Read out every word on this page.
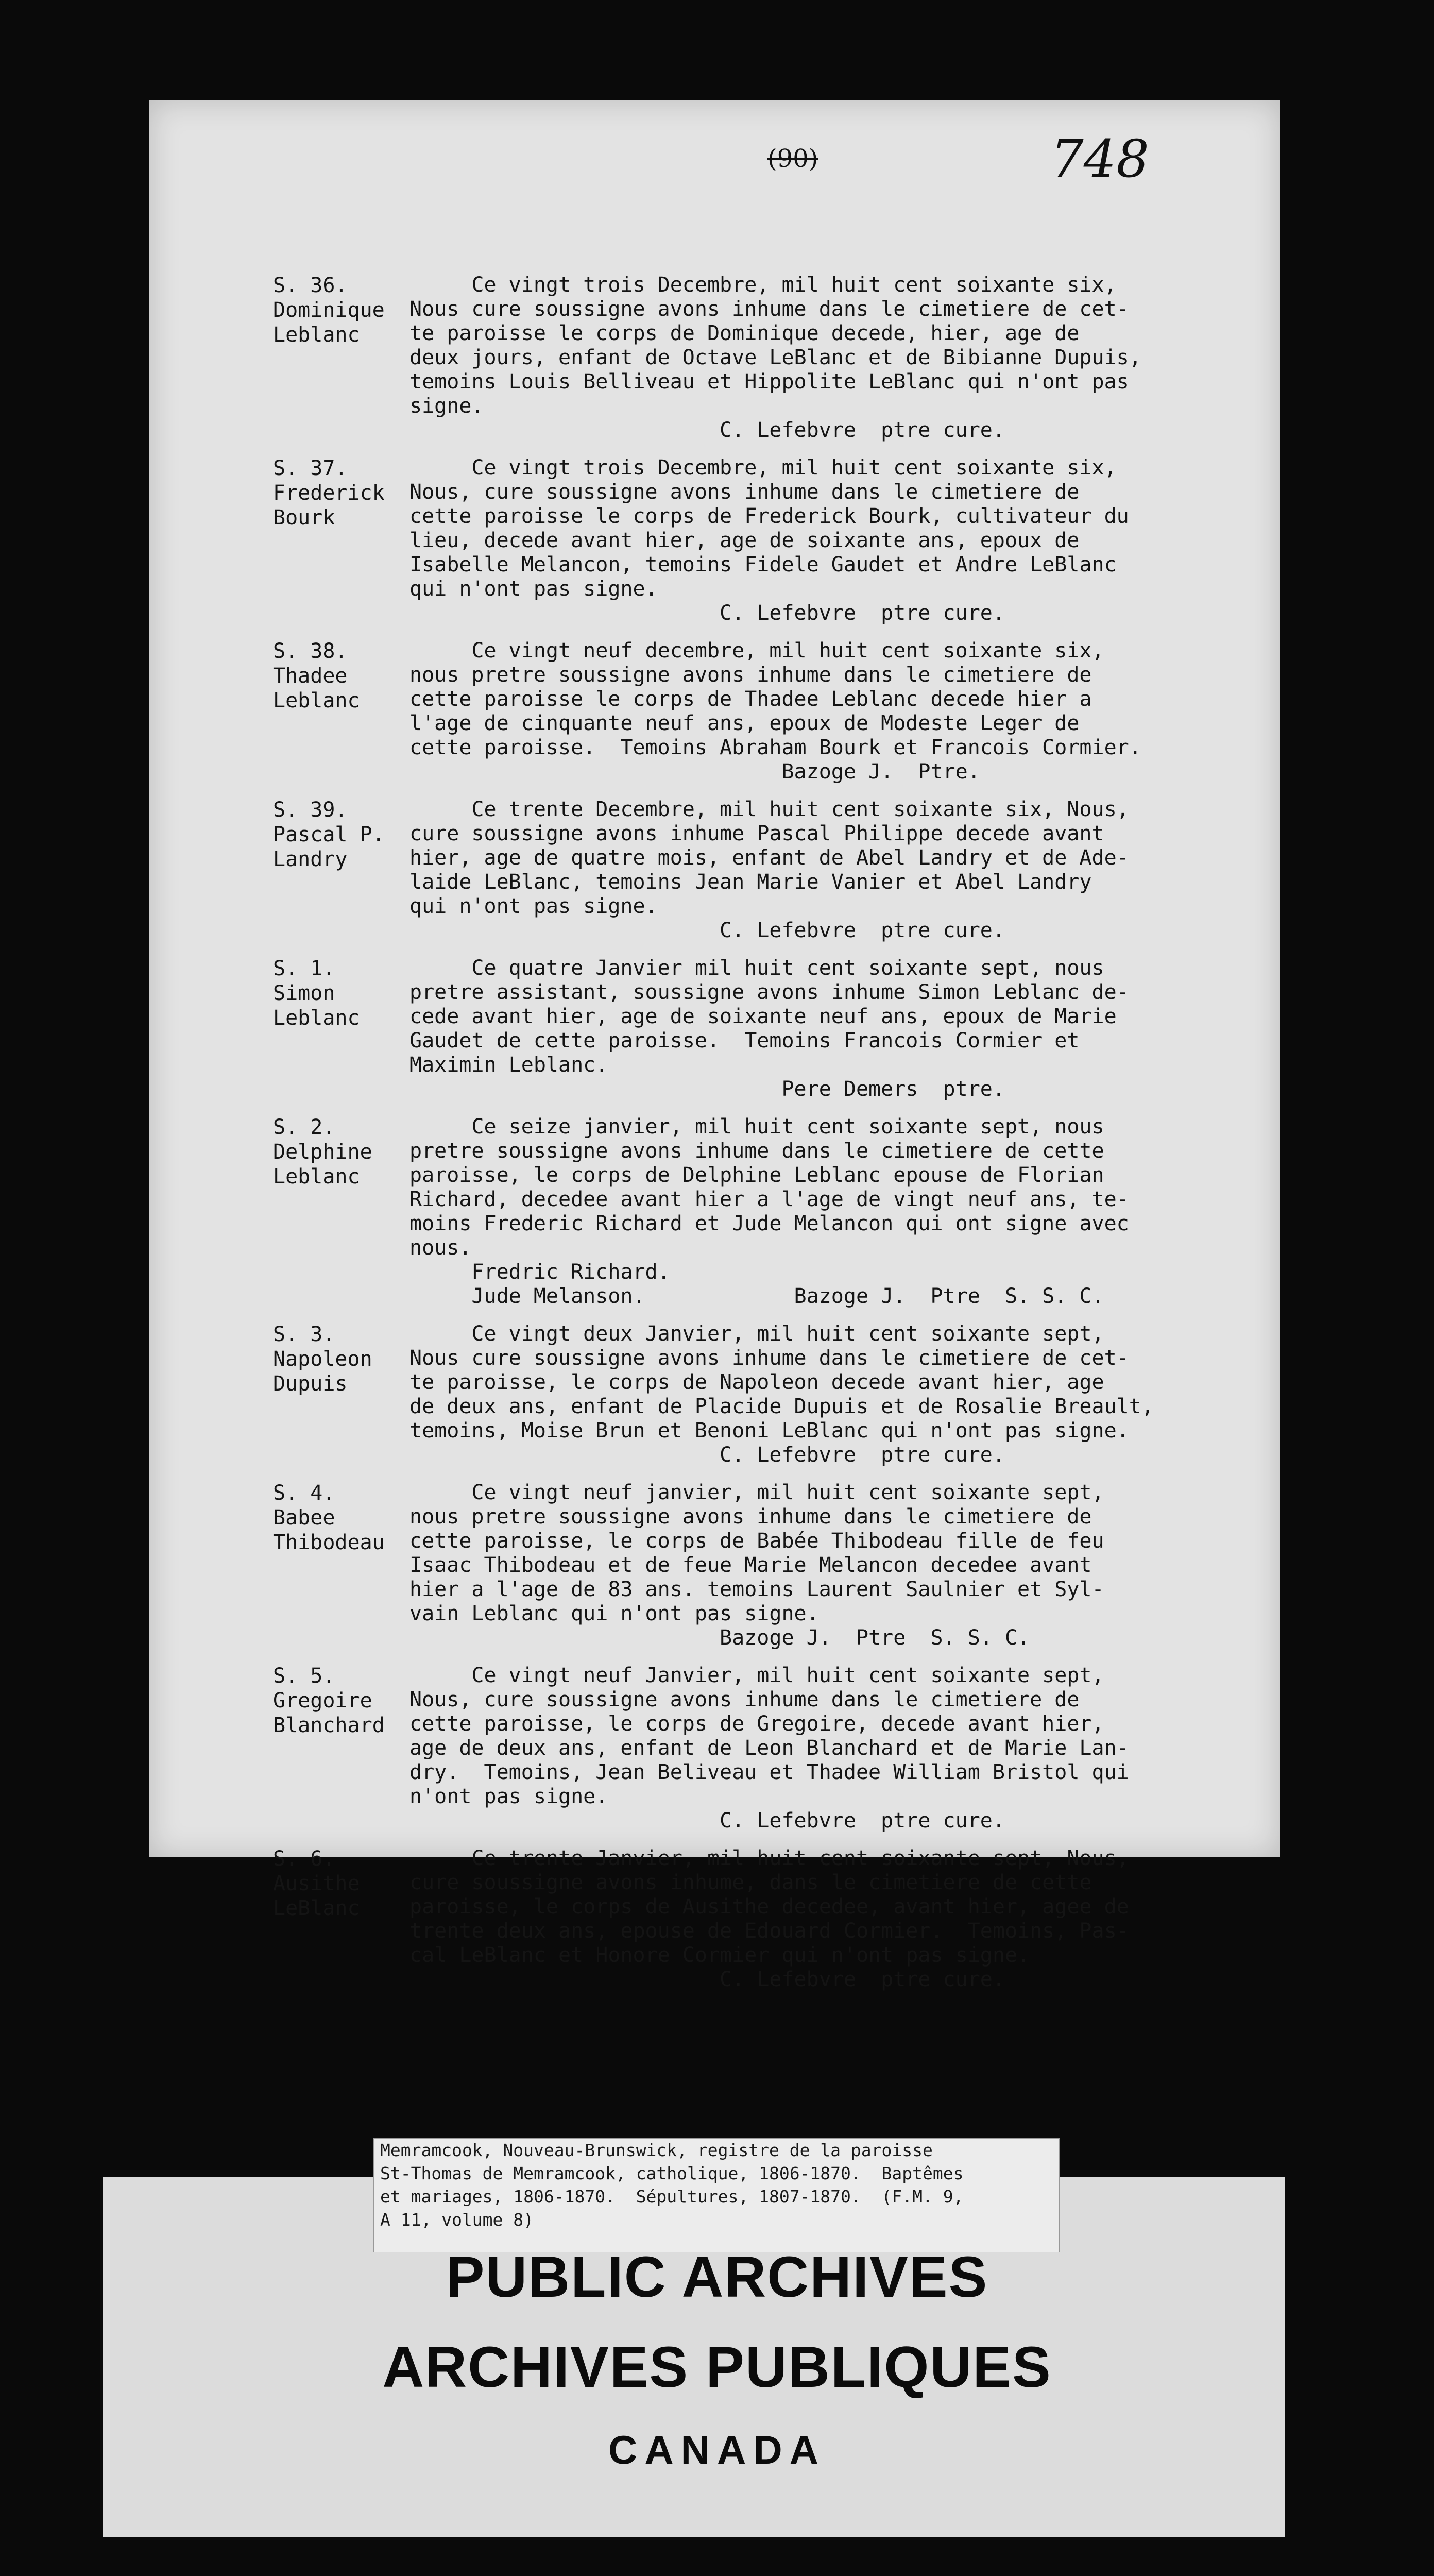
(90)	748
S. 36.
Dominique
Leblanc
Ce vingt trois Decembre, mil huit cent soixante six,
Nous cure soussigne avons inhume dans le cimetiere de cet-
te paroisse le corps de Dominique decede, hier, age de
deux jours, enfant de Octave LeBlanc et de Bibianne Dupuis,
temoins Louis Belliveau et Hippolite LeBlanc qui n'ont pas
signe.
C. Lefebvre  ptre cure.
S. 37.
Frederick
Bourk
Ce vingt trois Decembre, mil huit cent soixante six,
Nous, cure soussigne avons inhume dans le cimetiere de
cette paroisse le corps de Frederick Bourk, cultivateur du
lieu, decede avant hier, age de soixante ans, epoux de
Isabelle Melancon, temoins Fidele Gaudet et Andre LeBlanc
qui n'ont pas signe.
C. Lefebvre  ptre cure.
S. 38.
Thadee
Leblanc
Ce vingt neuf decembre, mil huit cent soixante six,
nous pretre soussigne avons inhume dans le cimetiere de
cette paroisse le corps de Thadee Leblanc decede hier a
l'age de cinquante neuf ans, epoux de Modeste Leger de
cette paroisse.  Temoins Abraham Bourk et Francois Cormier.
Bazoge J.  Ptre.
S. 39.
Pascal P.
Landry
Ce trente Decembre, mil huit cent soixante six, Nous,
cure soussigne avons inhume Pascal Philippe decede avant
hier, age de quatre mois, enfant de Abel Landry et de Ade-
laide LeBlanc, temoins Jean Marie Vanier et Abel Landry
qui n'ont pas signe.
C. Lefebvre  ptre cure.
S. 1.
Simon
Leblanc
Ce quatre Janvier mil huit cent soixante sept, nous
pretre assistant, soussigne avons inhume Simon Leblanc de-
cede avant hier, age de soixante neuf ans, epoux de Marie
Gaudet de cette paroisse.  Temoins Francois Cormier et
Maximin Leblanc.
Pere Demers  ptre.
S. 2.
Delphine
Leblanc
Ce seize janvier, mil huit cent soixante sept, nous
pretre soussigne avons inhume dans le cimetiere de cette
paroisse, le corps de Delphine Leblanc epouse de Florian
Richard, decedee avant hier a l'age de vingt neuf ans, te-
moins Frederic Richard et Jude Melancon qui ont signe avec
nous.
Fredric Richard.
Jude Melanson.            Bazoge J.  Ptre  S. S. C.
S. 3.
Napoleon
Dupuis
Ce vingt deux Janvier, mil huit cent soixante sept,
Nous cure soussigne avons inhume dans le cimetiere de cet-
te paroisse, le corps de Napoleon decede avant hier, age
de deux ans, enfant de Placide Dupuis et de Rosalie Breault,
temoins, Moise Brun et Benoni LeBlanc qui n'ont pas signe.
C. Lefebvre  ptre cure.
S. 4.
Babee
Thibodeau
Ce vingt neuf janvier, mil huit cent soixante sept,
nous pretre soussigne avons inhume dans le cimetiere de
cette paroisse, le corps de Babée Thibodeau fille de feu
Isaac Thibodeau et de feue Marie Melancon decedee avant
hier a l'age de 83 ans. temoins Laurent Saulnier et Syl-
vain Leblanc qui n'ont pas signe.
Bazoge J.  Ptre  S. S. C.
S. 5.
Gregoire
Blanchard
Ce vingt neuf Janvier, mil huit cent soixante sept,
Nous, cure soussigne avons inhume dans le cimetiere de
cette paroisse, le corps de Gregoire, decede avant hier,
age de deux ans, enfant de Leon Blanchard et de Marie Lan-
dry.  Temoins, Jean Beliveau et Thadee William Bristol qui
n'ont pas signe.
C. Lefebvre  ptre cure.
S. 6.
Ausithe
LeBlanc
Ce trente Janvier, mil huit cent soixante sept, Nous,
cure soussigne avons inhume, dans le cimetiere de cette
paroisse, le corps de Ausithe decedee, avant hier, agee de
trente deux ans, epouse de Edouard Cormier.  Temoins, Pas-
cal LeBlanc et Honore Cormier qui n'ont pas signe.
C. Lefebvre  ptre cure.
Memramcook, Nouveau-Brunswick, registre de la paroisse
St-Thomas de Memramcook, catholique, 1806-1870.  Baptêmes
et mariages, 1806-1870.  Sépultures, 1807-1870.  (F.M. 9,
A 11, volume 8)
PUBLIC ARCHIVES
ARCHIVES PUBLIQUES
CANADA
